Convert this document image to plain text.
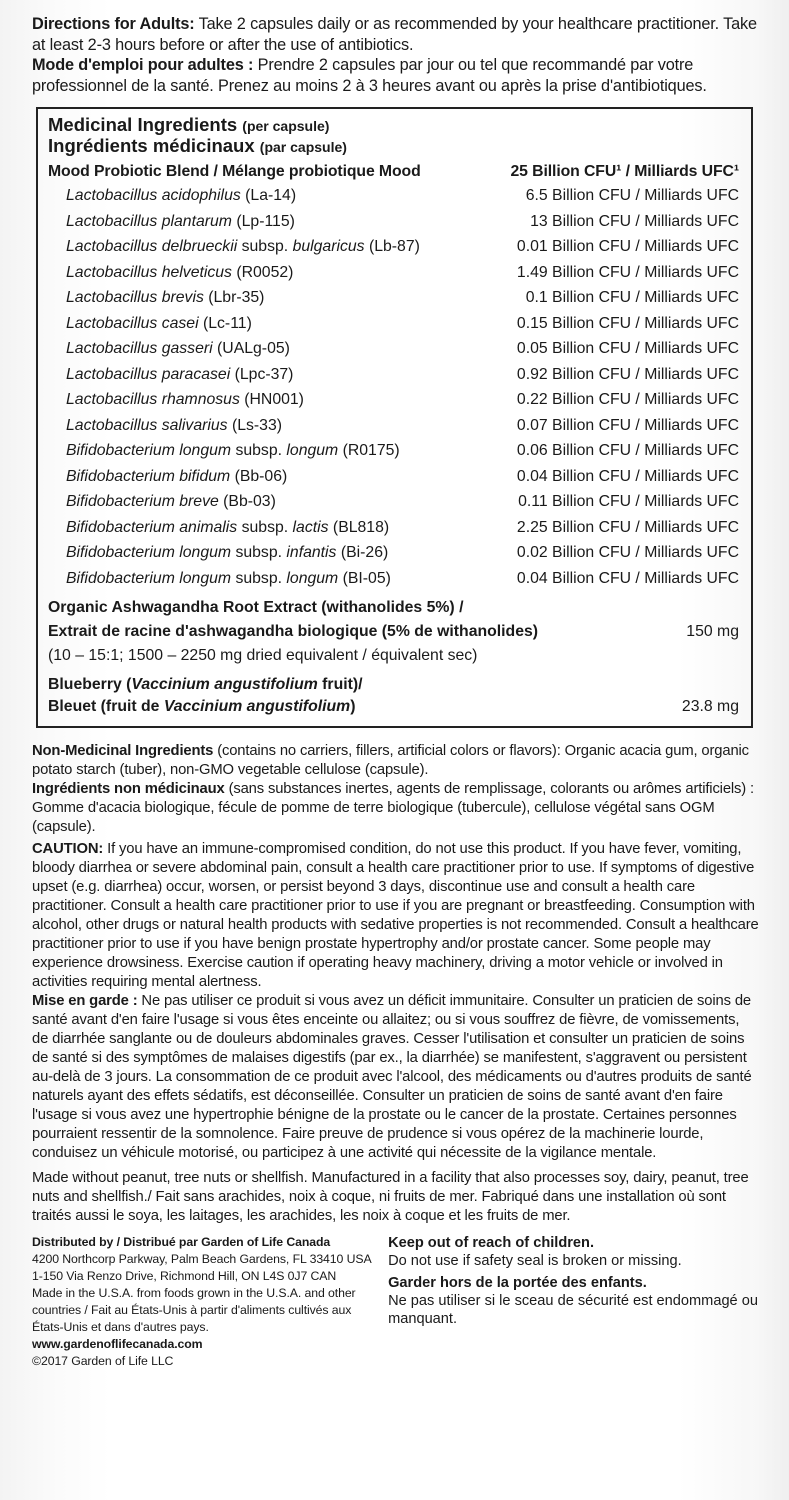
Directions for Adults: Take 2 capsules daily or as recommended by your healthcare practitioner. Take at least 2-3 hours before or after the use of antibiotics.
Mode d'emploi pour adultes : Prendre 2 capsules par jour ou tel que recommandé par votre professionnel de la santé. Prenez au moins 2 à 3 heures avant ou après la prise d'antibiotiques.
Medicinal Ingredients (per capsule)
Ingrédients médicinaux (par capsule)
Mood Probiotic Blend / Mélange probiotique Mood	25 Billion CFU¹ / Milliards UFC¹
Lactobacillus acidophilus (La-14)	6.5 Billion CFU / Milliards UFC
Lactobacillus plantarum (Lp-115)	13 Billion CFU / Milliards UFC
Lactobacillus delbrueckii subsp. bulgaricus (Lb-87)	0.01 Billion CFU / Milliards UFC
Lactobacillus helveticus (R0052)	1.49 Billion CFU / Milliards UFC
Lactobacillus brevis (Lbr-35)	0.1 Billion CFU / Milliards UFC
Lactobacillus casei (Lc-11)	0.15 Billion CFU / Milliards UFC
Lactobacillus gasseri (UALg-05)	0.05 Billion CFU / Milliards UFC
Lactobacillus paracasei (Lpc-37)	0.92 Billion CFU / Milliards UFC
Lactobacillus rhamnosus (HN001)	0.22 Billion CFU / Milliards UFC
Lactobacillus salivarius (Ls-33)	0.07 Billion CFU / Milliards UFC
Bifidobacterium longum subsp. longum (R0175)	0.06 Billion CFU / Milliards UFC
Bifidobacterium bifidum (Bb-06)	0.04 Billion CFU / Milliards UFC
Bifidobacterium breve (Bb-03)	0.11 Billion CFU / Milliards UFC
Bifidobacterium animalis subsp. lactis (BL818)	2.25 Billion CFU / Milliards UFC
Bifidobacterium longum subsp. infantis (Bi-26)	0.02 Billion CFU / Milliards UFC
Bifidobacterium longum subsp. longum (BI-05)	0.04 Billion CFU / Milliards UFC
Organic Ashwagandha Root Extract (withanolides 5%) /
Extrait de racine d'ashwagandha biologique (5% de withanolides)	150 mg
(10 – 15:1; 1500 – 2250 mg dried equivalent / équivalent sec)
Blueberry (Vaccinium angustifolium fruit)/
Bleuet (fruit de Vaccinium angustifolium)	23.8 mg
Non-Medicinal Ingredients (contains no carriers, fillers, artificial colors or flavors): Organic acacia gum, organic potato starch (tuber), non-GMO vegetable cellulose (capsule).
Ingrédients non médicinaux (sans substances inertes, agents de remplissage, colorants ou arômes artificiels) : Gomme d'acacia biologique, fécule de pomme de terre biologique (tubercule), cellulose végétal sans OGM (capsule).
CAUTION: If you have an immune-compromised condition, do not use this product. If you have fever, vomiting, bloody diarrhea or severe abdominal pain, consult a health care practitioner prior to use. If symptoms of digestive upset (e.g. diarrhea) occur, worsen, or persist beyond 3 days, discontinue use and consult a health care practitioner. Consult a health care practitioner prior to use if you are pregnant or breastfeeding. Consumption with alcohol, other drugs or natural health products with sedative properties is not recommended. Consult a healthcare practitioner prior to use if you have benign prostate hypertrophy and/or prostate cancer. Some people may experience drowsiness. Exercise caution if operating heavy machinery, driving a motor vehicle or involved in activities requiring mental alertness.
Mise en garde : Ne pas utiliser ce produit si vous avez un déficit immunitaire. Consulter un praticien de soins de santé avant d'en faire l'usage si vous êtes enceinte ou allaitez; ou si vous souffrez de fièvre, de vomissements, de diarrhée sanglante ou de douleurs abdominales graves. Cesser l'utilisation et consulter un praticien de soins de santé si des symptômes de malaises digestifs (par ex., la diarrhée) se manifestent, s'aggravent ou persistent au-delà de 3 jours. La consommation de ce produit avec l'alcool, des médicaments ou d'autres produits de santé naturels ayant des effets sédatifs, est déconseillée. Consulter un praticien de soins de santé avant d'en faire l'usage si vous avez une hypertrophie bénigne de la prostate ou le cancer de la prostate. Certaines personnes pourraient ressentir de la somnolence. Faire preuve de prudence si vous opérez de la machinerie lourde, conduisez un véhicule motorisé, ou participez à une activité qui nécessite de la vigilance mentale.
Made without peanut, tree nuts or shellfish. Manufactured in a facility that also processes soy, dairy, peanut, tree nuts and shellfish./ Fait sans arachides, noix à coque, ni fruits de mer. Fabriqué dans une installation où sont traités aussi le soya, les laitages, les arachides, les noix à coque et les fruits de mer.
Distributed by / Distribué par Garden of Life Canada
4200 Northcorp Parkway, Palm Beach Gardens, FL 33410 USA
1-150 Via Renzo Drive, Richmond Hill, ON L4S 0J7 CAN
Made in the U.S.A. from foods grown in the U.S.A. and other countries / Fait au États-Unis à partir d'aliments cultivés aux États-Unis et dans d'autres pays. www.gardenoflifecanada.com
©2017 Garden of Life LLC
Keep out of reach of children.
Do not use if safety seal is broken or missing.
Garder hors de la portée des enfants.
Ne pas utiliser si le sceau de sécurité est endommagé ou manquant.
